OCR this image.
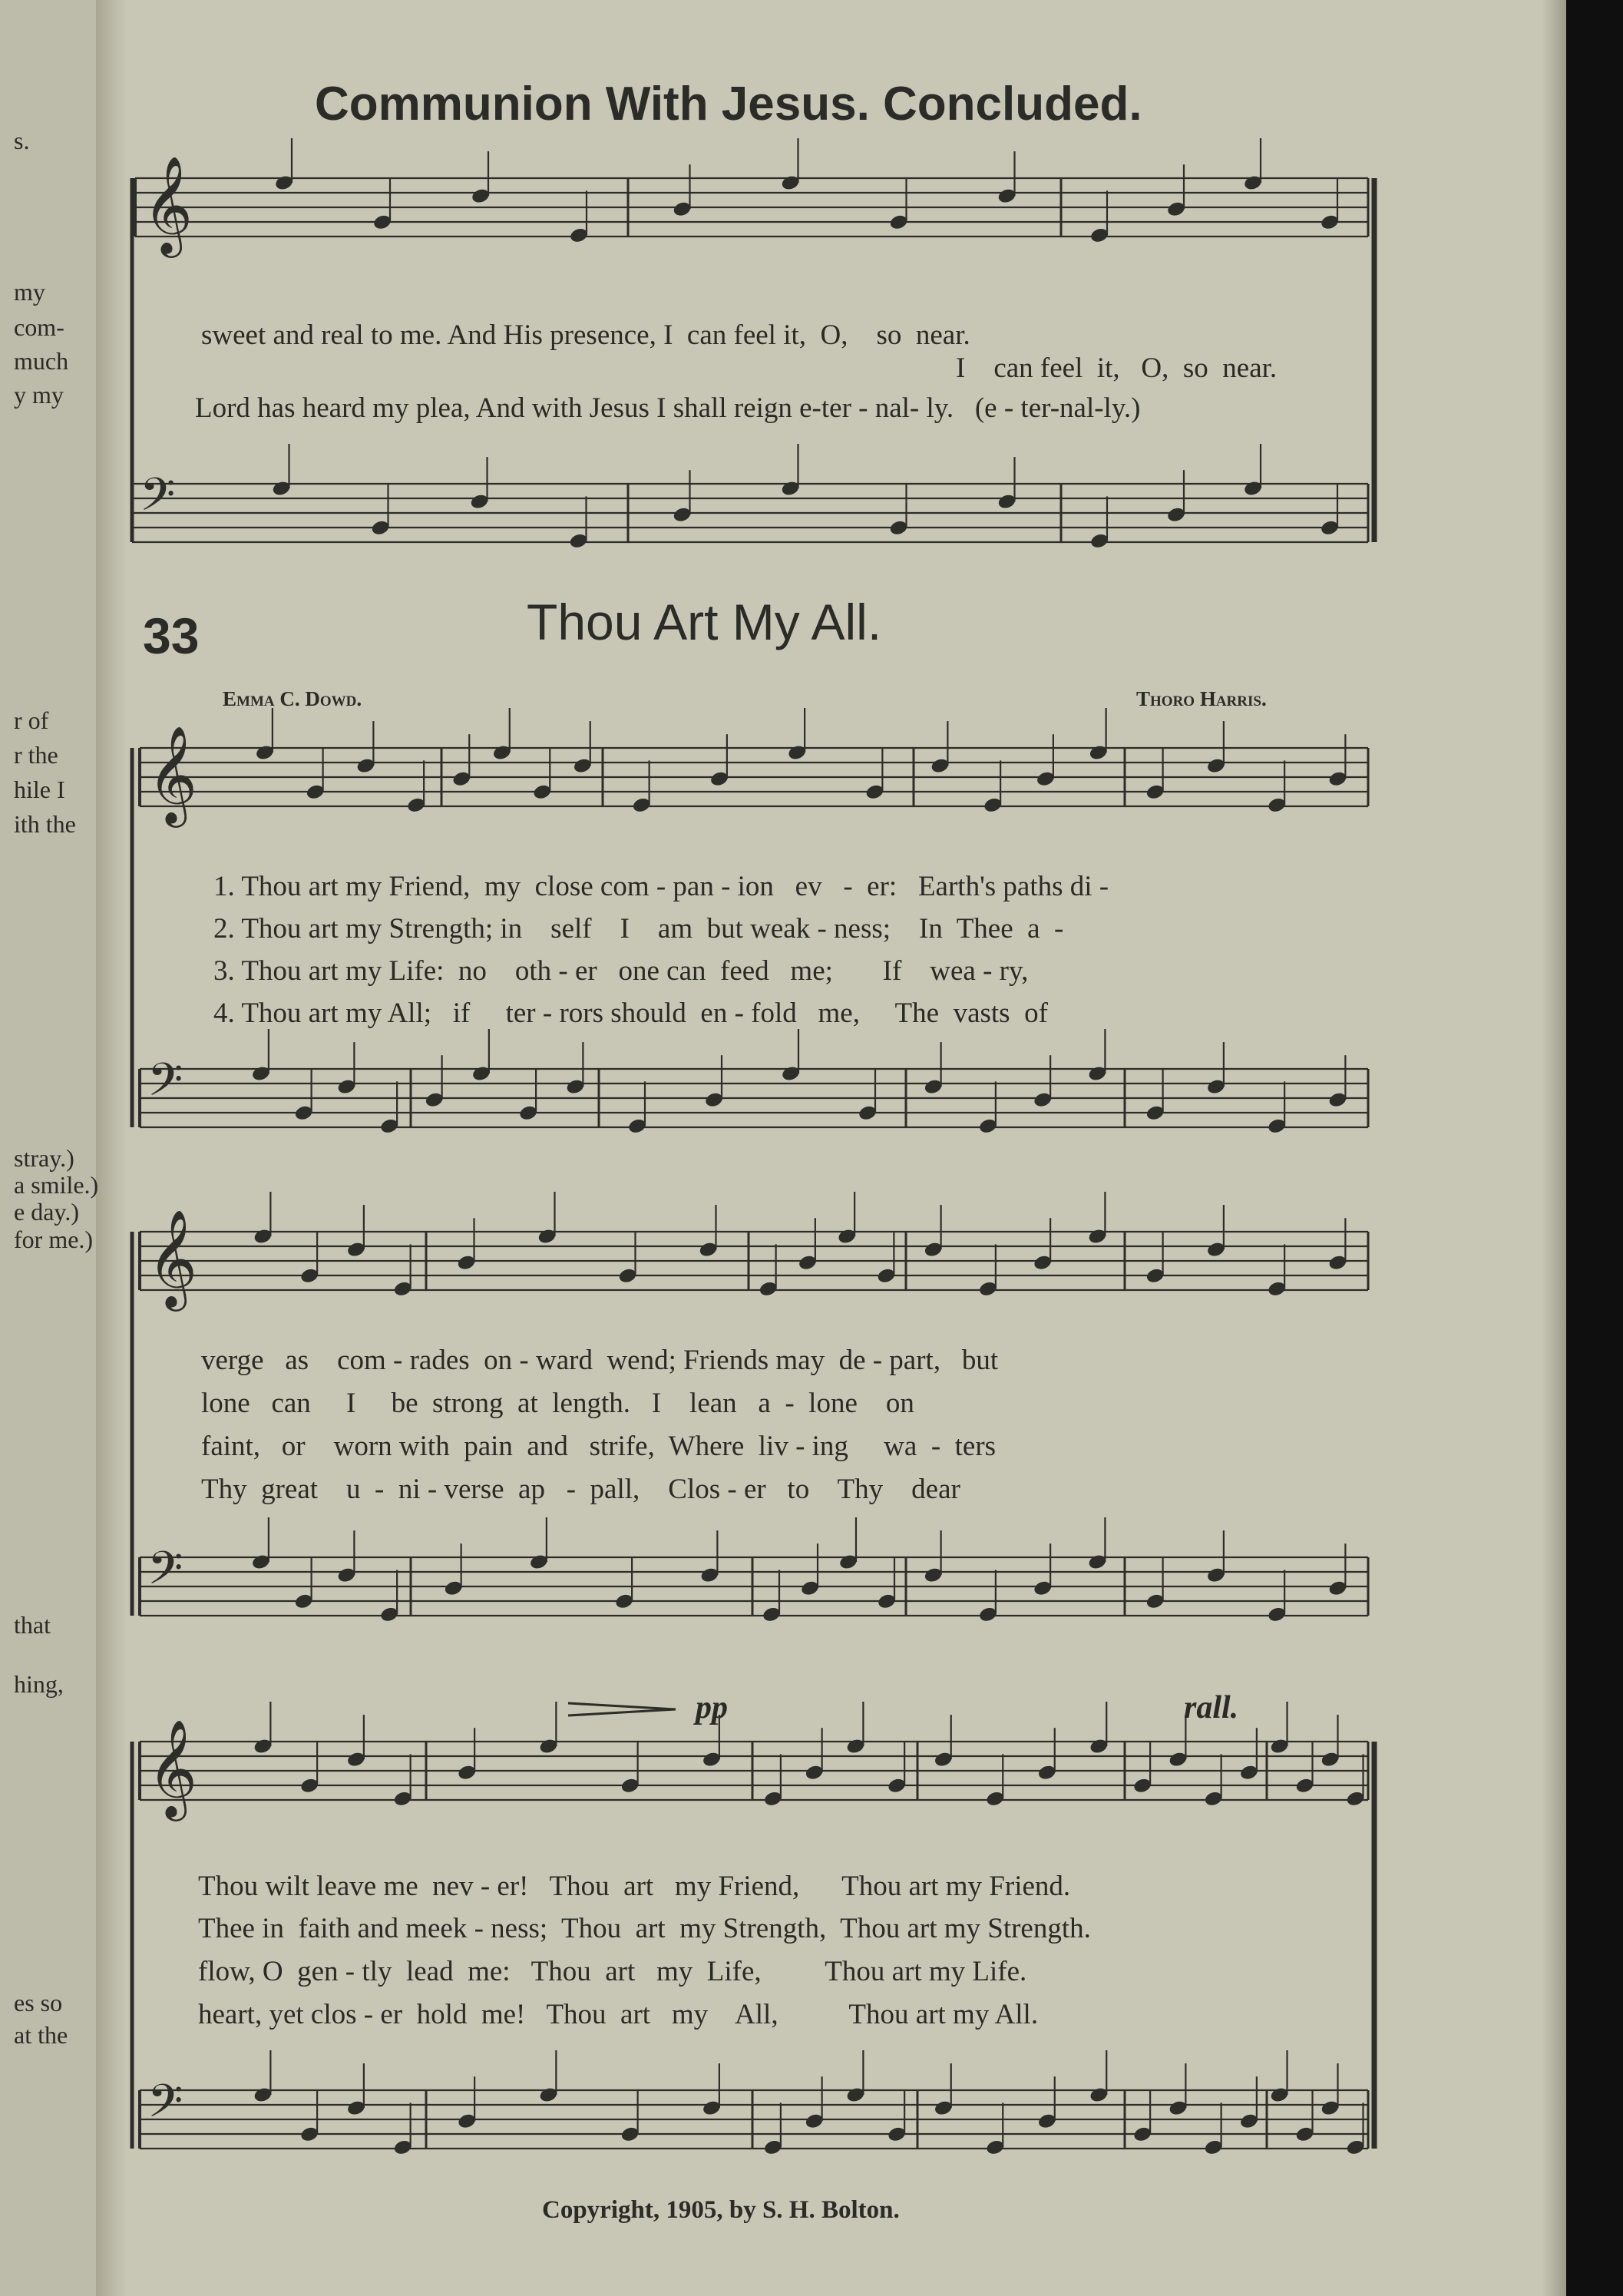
𝄞
𝄢
𝄞
𝄢
𝄞
𝄢
𝄞
𝄢
s.
my
com-
much
y my
r of
r the
hile I
ith the
stray.)
a smile.)
e day.)
for me.)
that
hing,
es so
at the
Communion With Jesus. Concluded.
sweet and real to me. And His presence, I  can feel it,  O,    so  near.
I    can feel  it,   O,  so  near.
Lord has heard my plea, And with Jesus I shall reign e-ter - nal- ly.   (e - ter-nal-ly.)
33	Thou Art My All.
Emma C. Dowd.	Thoro Harris.
1. Thou art my Friend,  my  close com - pan - ion   ev   -  er:   Earth's paths di -
2. Thou art my Strength; in    self    I    am  but weak - ness;    In  Thee  a  -
3. Thou art my Life:  no    oth - er   one can  feed   me;       If    wea - ry,
4. Thou art my All;   if     ter - rors should  en - fold   me,     The  vasts  of
verge   as    com - rades  on - ward  wend; Friends may  de - part,   but
lone   can     I     be  strong  at  length.   I    lean   a  -  lone    on
faint,   or    worn with  pain  and   strife,  Where  liv - ing     wa  -  ters
Thy  great    u  -  ni - verse  ap   -  pall,    Clos - er   to    Thy    dear
pp	rall.
Thou wilt leave me  nev - er!   Thou  art   my Friend,      Thou art my Friend.
Thee in  faith and meek - ness;  Thou  art  my Strength,  Thou art my Strength.
flow, O  gen - tly  lead  me:   Thou  art   my  Life,         Thou art my Life.
heart, yet clos - er  hold  me!   Thou  art   my    All,          Thou art my All.
Copyright, 1905, by S. H. Bolton.
